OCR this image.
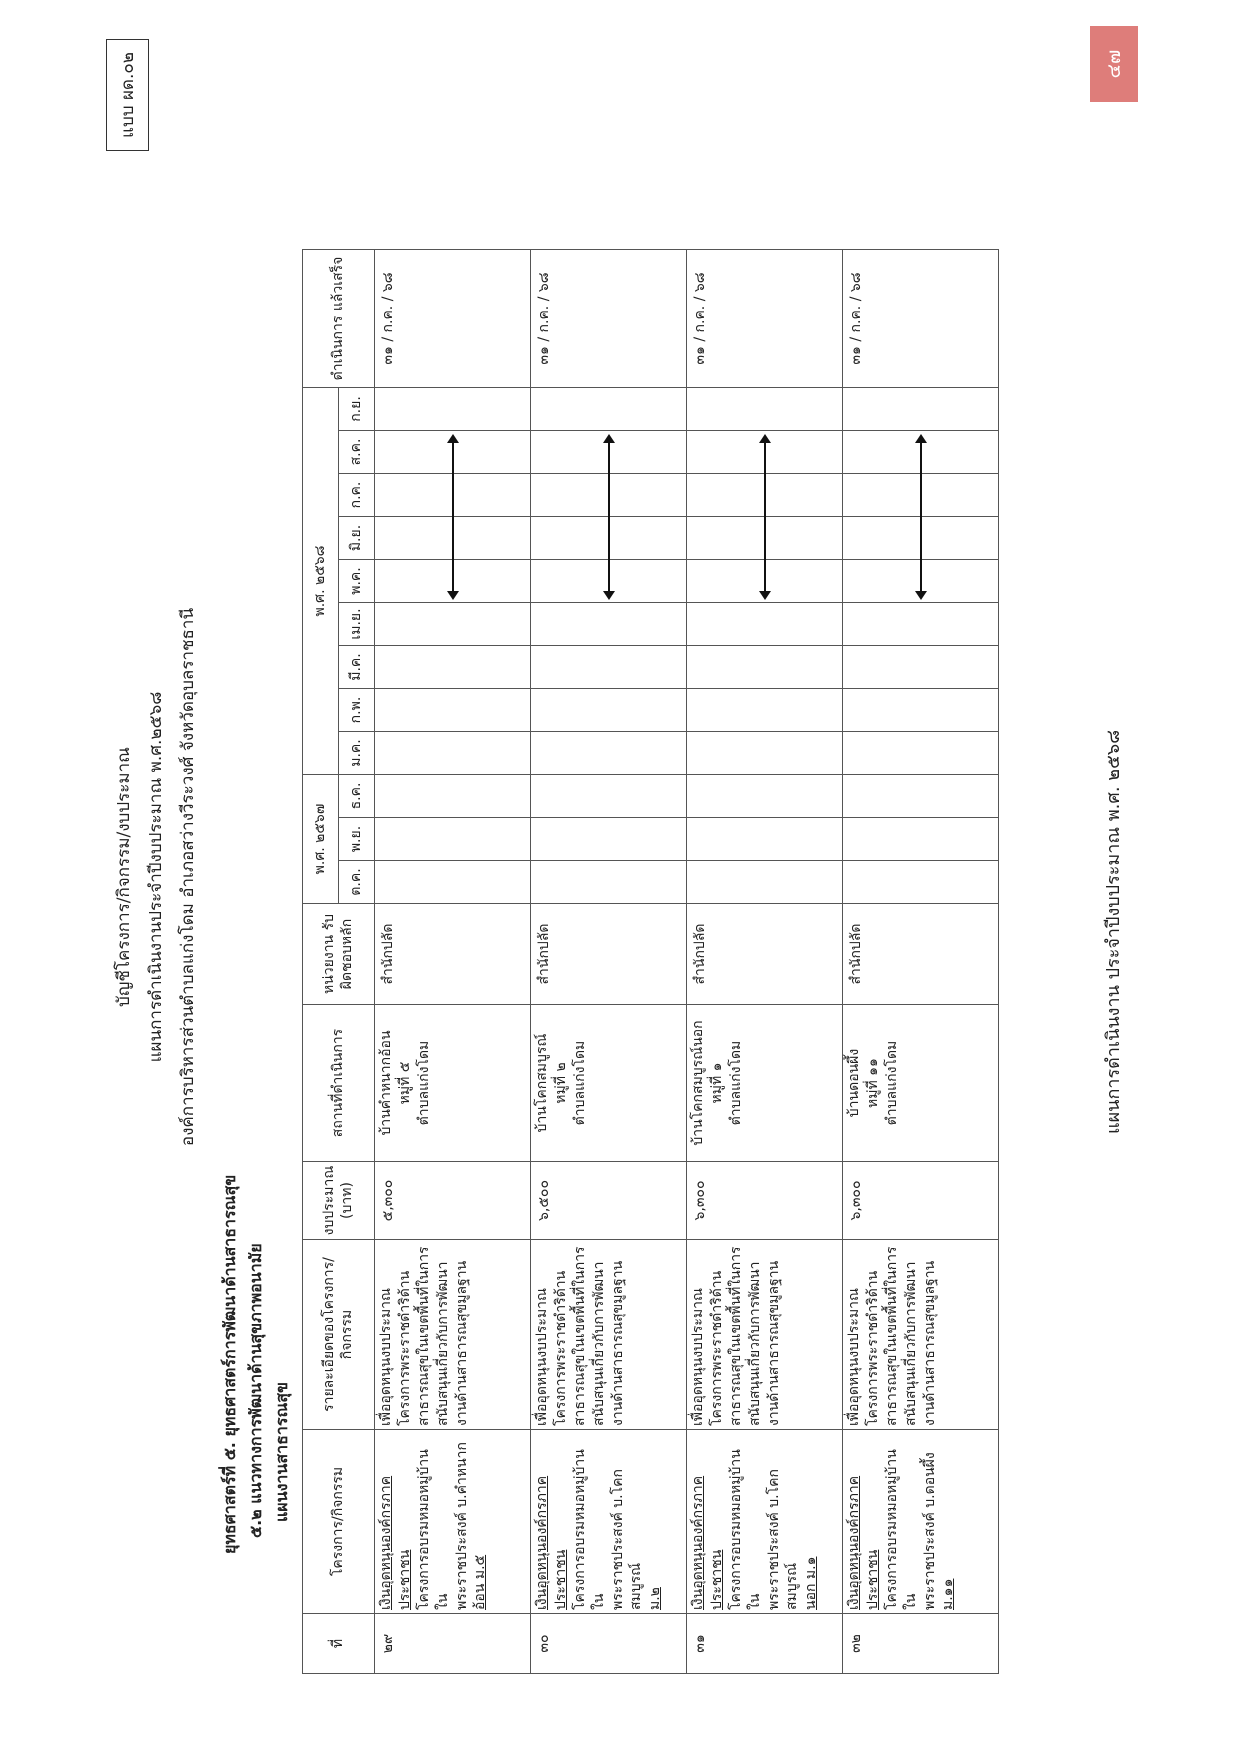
แบบ ผด.๐๒
บัญชีโครงการ/กิจกรรม/งบประมาณ แผนการดำเนินงานประจำปีงบประมาณ พ.ศ.๒๕๖๘ องค์การบริหารส่วนตำบลแก่งโดม อำเภอสว่างวีระวงศ์ จังหวัดอุบลราชธานี
ยุทธศาสตร์ที่ ๕. ยุทธศาสตร์การพัฒนาด้านสาธารณสุข ๕.๒ แนวทางการพัฒนาด้านสุขภาพอนามัย แผนงานสาธารณสุข
ที่	โครงการ/กิจกรรม	รายละเอียดของโครงการ/ กิจกรรม	งบประมาณ (บาท)	สถานที่ดำเนินการ	หน่วยงาน รับผิดชอบหลัก	พ.ศ. ๒๕๖๗			พ.ศ. ๒๕๖๘									ดำเนินการ แล้วเสร็จ
						ต.ค.	พ.ย.	ธ.ค.	ม.ค.	ก.พ.	มี.ค.	เม.ย.	พ.ค.	มิ.ย.	ก.ค.	ส.ค.	ก.ย.	
๒๙	เงินอุดหนุนองค์กรภาค ประชาชน โครงการอบรมหมอหมู่บ้านใน พระราชประสงค์ บ.คำหนาก อ้อน ม.๕	เพื่ออุดหนุนงบประมาณ โครงการพระราชดำริด้าน สาธารณสุขในเขตพื้นที่ในการ สนับสนุนเกี่ยวกับการพัฒนา งานด้านสาธารณสุขมูลฐาน	๕,๓๐๐	บ้านคำหนากอ้อน หมู่ที่ ๕ ตำบลแก่งโดม	สำนักปลัด													๓๑ / ก.ค. / ๖๘
๓๐	เงินอุดหนุนองค์กรภาค ประชาชน โครงการอบรมหมอหมู่บ้านใน พระราชประสงค์ บ.โคกสมบูรณ์ ม.๒	เพื่ออุดหนุนงบประมาณ โครงการพระราชดำริด้าน สาธารณสุขในเขตพื้นที่ในการ สนับสนุนเกี่ยวกับการพัฒนา งานด้านสาธารณสุขมูลฐาน	๖,๕๐๐	บ้านโคกสมบูรณ์ หมู่ที่ ๒ ตำบลแก่งโดม	สำนักปลัด													๓๑ / ก.ค. / ๖๘
๓๑	เงินอุดหนุนองค์กรภาค ประชาชน โครงการอบรมหมอหมู่บ้านใน พระราชประสงค์ บ.โคกสมบูรณ์ นอก ม.๑	เพื่ออุดหนุนงบประมาณ โครงการพระราชดำริด้าน สาธารณสุขในเขตพื้นที่ในการ สนับสนุนเกี่ยวกับการพัฒนา งานด้านสาธารณสุขมูลฐาน	๖,๓๐๐	บ้านโคกสมบูรณ์นอก หมู่ที่ ๑ ตำบลแก่งโดม	สำนักปลัด													๓๑ / ก.ค. / ๖๘
๓๒	เงินอุดหนุนองค์กรภาค ประชาชน โครงการอบรมหมอหมู่บ้านใน พระราชประสงค์ บ.ดอนผึ้ง ม.๑๑	เพื่ออุดหนุนงบประมาณ โครงการพระราชดำริด้าน สาธารณสุขในเขตพื้นที่ในการ สนับสนุนเกี่ยวกับการพัฒนา งานด้านสาธารณสุขมูลฐาน	๖,๓๐๐	บ้านดอนผึ้ง หมู่ที่ ๑๑ ตำบลแก่งโดม	สำนักปลัด													๓๑ / ก.ค. / ๖๘
แผนการดำเนินงาน ประจำปีงบประมาณ พ.ศ. ๒๕๖๘
๔๗
